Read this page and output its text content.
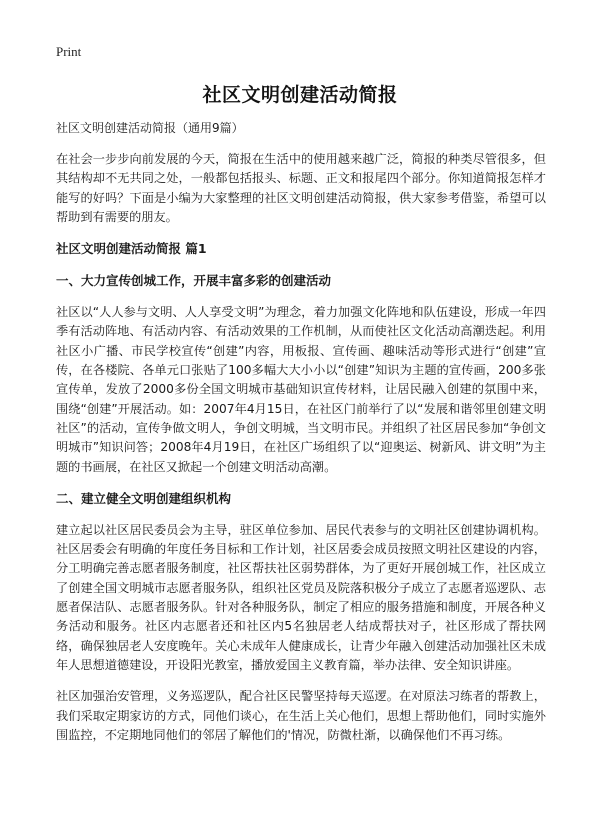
Print
社区文明创建活动简报

社区文明创建活动简报（通用9篇）

在社会一步步向前发展的今天，简报在生活中的使用越来越广泛，简报的种类尽管很多，但其结构却不无共同之处，一般都包括报头、标题、正文和报尾四个部分。你知道简报怎样才能写的好吗？下面是小编为大家整理的社区文明创建活动简报，供大家参考借鉴，希望可以帮助到有需要的朋友。

社区文明创建活动简报 篇1
一、大力宣传创城工作，开展丰富多彩的创建活动

社区以“人人参与文明、人人享受文明”为理念，着力加强文化阵地和队伍建设，形成一年四季有活动阵地、有活动内容、有活动效果的工作机制，从而使社区文化活动高潮迭起。利用社区小广播、市民学校宣传“创建”内容，用板报、宣传画、趣味活动等形式进行“创建”宣传，在各楼院、各单元口张贴了100多幅大大小小以“创建”知识为主题的宣传画，200多张宣传单，发放了2000多份全国文明城市基础知识宣传材料，让居民融入创建的氛围中来，围绕“创建”开展活动。如：2007年4月15日，在社区门前举行了以“发展和谐邻里创建文明社区”的活动，宣传争做文明人，争创文明城，当文明市民。并组织了社区居民参加“争创文明城市”知识问答；2008年4月19日，在社区广场组织了以“迎奥运、树新风、讲文明”为主题的书画展，在社区又掀起一个创建文明活动高潮。

二、建立健全文明创建组织机构

建立起以社区居民委员会为主导，驻区单位参加、居民代表参与的文明社区创建协调机构。社区居委会有明确的年度任务目标和工作计划，社区居委会成员按照文明社区建设的内容，分工明确完善志愿者服务制度，社区帮扶社区弱势群体，为了更好开展创城工作，社区成立了创建全国文明城市志愿者服务队，组织社区党员及院落积极分子成立了志愿者巡逻队、志愿者保洁队、志愿者服务队。针对各种服务队，制定了相应的服务措施和制度，开展各种义务活动和服务。社区内志愿者还和社区内5名独居老人结成帮扶对子，社区形成了帮扶网络，确保独居老人安度晚年。关心未成年人健康成长，让青少年融入创建活动加强社区未成年人思想道德建设，开设阳光教室，播放爱国主义教育篇，举办法律、安全知识讲座。

社区加强治安管理，义务巡逻队，配合社区民警坚持每天巡逻。在对原法习练者的帮教上，我们采取定期家访的方式，同他们谈心，在生活上关心他们，思想上帮助他们，同时实施外围监控，不定期地同他们的邻居了解他们的'情况，防微杜渐，以确保他们不再习练。
